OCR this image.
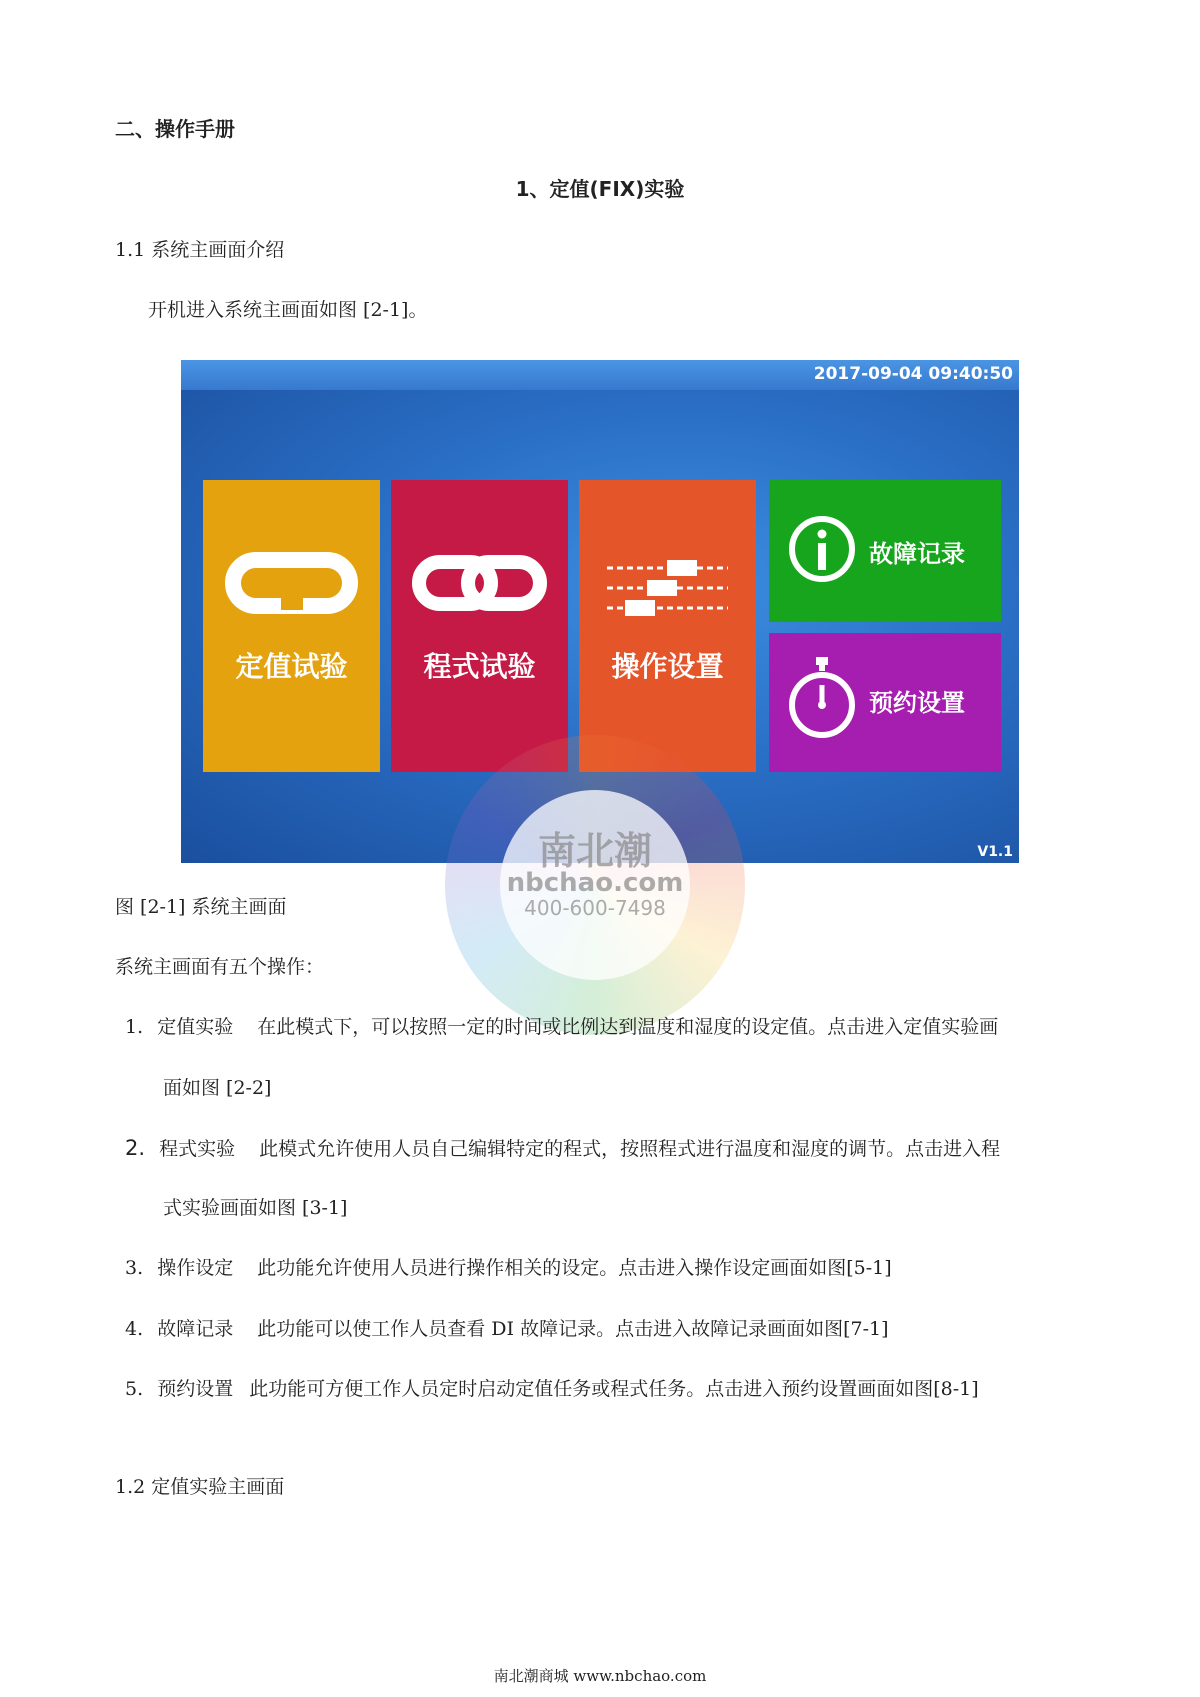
二、操作手册
1、定值(FIX)实验
1.1 系统主画面介绍
开机进入系统主画面如图 [2-1]。
2017-09-04 09:40:50
定值试验	程式试验	操作设置
故障记录
预约设置
V1.1
南北潮
nbchao.com
400-600-7498
图 [2-1] 系统主画面
系统主画面有五个操作：
1. 定值实验 在此模式下，可以按照一定的时间或比例达到温度和湿度的设定值。点击进入定值实验画
面如图 [2-2]
2. 程式实验 此模式允许使用人员自己编辑特定的程式，按照程式进行温度和湿度的调节。点击进入程
式实验画面如图 [3-1]
3. 操作设定 此功能允许使用人员进行操作相关的设定。点击进入操作设定画面如图[5-1]
4. 故障记录 此功能可以使工作人员查看 DI 故障记录。点击进入故障记录画面如图[7-1]
5. 预约设置 此功能可方便工作人员定时启动定值任务或程式任务。点击进入预约设置画面如图[8-1]
1.2 定值实验主画面
南北潮商城 www.nbchao.com
